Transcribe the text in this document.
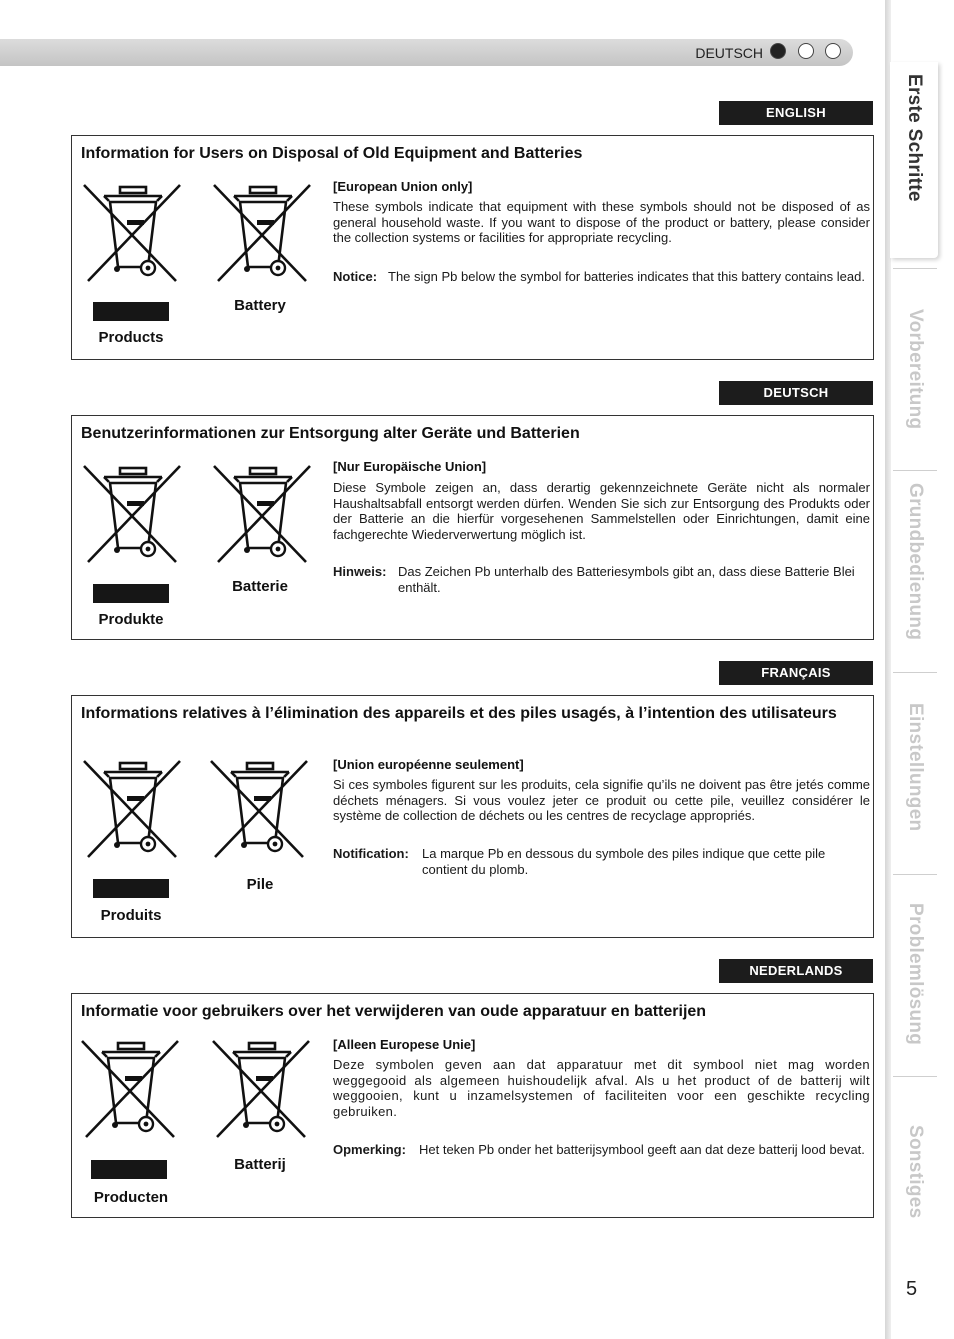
DEUTSCH
Erste Schritte
Vorbereitung
Grundbedienung
Einstellungen
Problemlösung
Sonstiges
5
ENGLISH
Information for Users on Disposal of Old Equipment and Batteries
Products
Battery
[European Union only]
These symbols indicate that equipment with these symbols should not be disposed of as general household waste. If you want to dispose of the product or battery, please consider the collection systems or facilities for appropriate recycling.
Notice: The sign Pb below the symbol for batteries indicates that this battery contains lead.
DEUTSCH
Benutzerinformationen zur Entsorgung alter Geräte und Batterien
Produkte
Batterie
[Nur Europäische Union]
Diese Symbole zeigen an, dass derartig gekennzeichnete Geräte nicht als normaler Haushaltsabfall entsorgt werden dürfen. Wenden Sie sich zur Entsorgung des Produkts oder der Batterie an die hierfür vorgesehenen Sammelstellen oder Einrichtungen, damit eine fachgerechte Wiederverwertung möglich ist.
Hinweis: Das Zeichen Pb unterhalb des Batteriesymbols gibt an, dass diese Batterie Blei enthält.
FRANÇAIS
Informations relatives à l’élimination des appareils et des piles usagés, à l’intention des utilisateurs
Produits
Pile
[Union européenne seulement]
Si ces symboles figurent sur les produits, cela signifie qu’ils ne doivent pas être jetés comme déchets ménagers. Si vous voulez jeter ce produit ou cette pile, veuillez considérer le système de collection de déchets ou les centres de recyclage appropriés.
Notification: La marque Pb en dessous du symbole des piles indique que cette pile contient du plomb.
NEDERLANDS
Informatie voor gebruikers over het verwijderen van oude apparatuur en batterijen
Producten
Batterij
[Alleen Europese Unie]
Deze symbolen geven aan dat apparatuur met dit symbool niet mag worden weggegooid als algemeen huishoudelijk afval. Als u het product of de batterij wilt weggooien, kunt u inzamelsystemen of faciliteiten voor een geschikte recycling gebruiken.
Opmerking: Het teken Pb onder het batterijsymbool geeft aan dat deze batterij lood bevat.
